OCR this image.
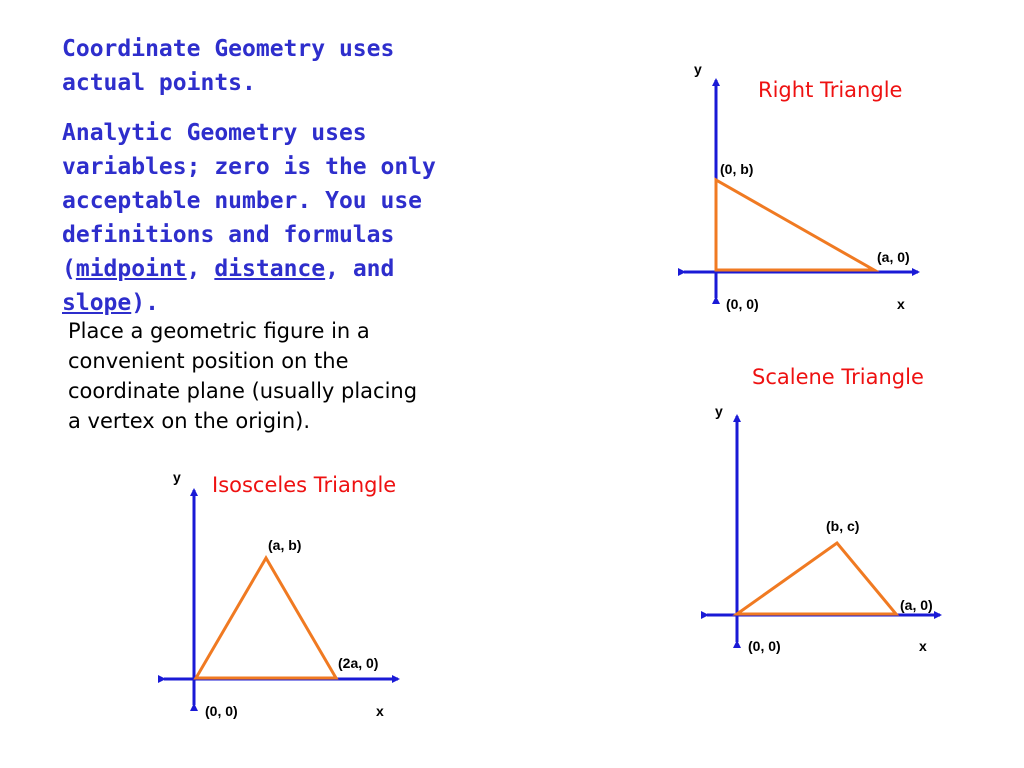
Coordinate Geometry uses actual points.

Analytic Geometry uses variables; zero is the only acceptable number. You use definitions and formulas (midpoint, distance, and slope).

Place a geometric figure in a convenient position on the coordinate plane (usually placing a vertex on the origin).

Right Triangle
y
x
(0, b)
(a, 0)
(0, 0)
Scalene Triangle
y
x
(b, c)
(a, 0)
(0, 0)
Isosceles Triangle
y
x
(a, b)
(2a, 0)
(0, 0)
